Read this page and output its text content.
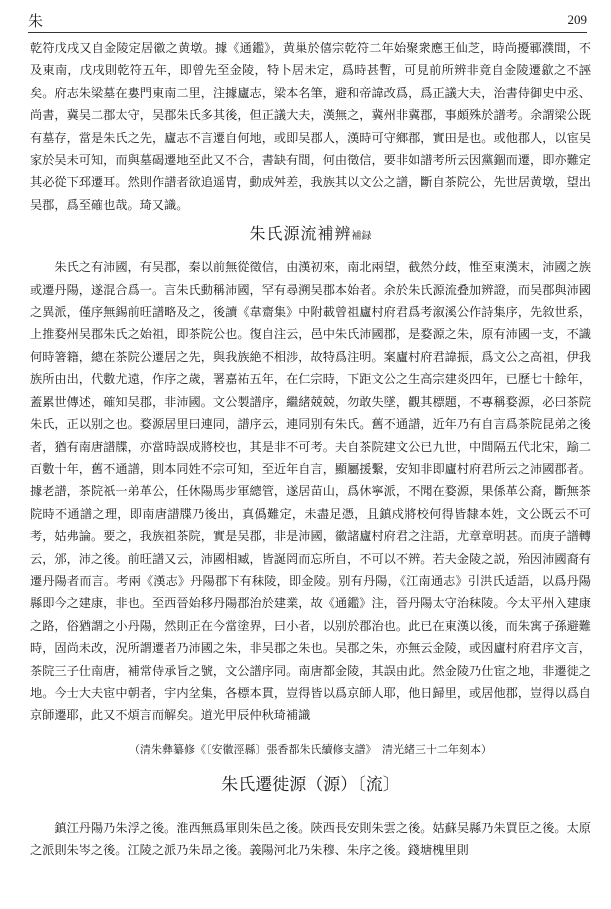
朱	209

乾符戊戌又自金陵定居徽之黄墩。據《通鑑》，黄巢於僖宗乾符二年始聚衆應王仙芝，時尚擾鄆濮間，不及東南，戊戌則乾符五年，即曾先至金陵，特卜居未定，爲時甚暫，可見前所辨非竟自金陵遷歙之不誣矣。府志朱梁墓在婁門東南二里，注據廬志，梁本名筆，避和帝諱改爲，爲正議大夫，治書侍御史中丞、尚書，冀吴二郡太守，吴郡朱氏多其後，但正議大夫，漢無之，冀州非冀郡，事頗殊於譜考。余謂梁公既有墓存，當是朱氏之先，廬志不言遷自何地，或即吴郡人，漢時可守鄉郡，實田是也。或他郡人，以宦吴家於吴未可知，而與墓碣遷地至此又不合，書缺有間，何由徵信，要非如譜考所云因黨錮而遷，即亦難定其必從下邳遷耳。然則作譜者欲追遥胄，動成舛差，我族其以文公之譜，斷自茶院公，先世居黄墩，望出吴郡，爲至確也哉。琦又識。

朱氏源流補辨補録

朱氏之有沛國，有吴郡，秦以前無從徵信，由漢初來，南北兩望，截然分歧，惟至東漢末，沛國之族或遷丹陽，遂混合爲一。言朱氏動稱沛國，罕有尋溯吴郡本始者。余於朱氏源流叠加辨證，而吴郡與沛國之異派，僅序無錫前旺譜略及之，後讀《韋齋集》中附載曾祖廬村府君爲考溆溪公作詩集序，先敘世系，上推婺州吴郡朱氏之始祖，即茶院公也。復自注云，邑中朱氏沛國郡，是婺源之朱，原有沛國一支，不識何時箸籍，總在茶院公遷居之先，與我族絶不相涉，故特爲注明。案廬村府君諱振，爲文公之高祖，伊我族所由出，代數尤遠，作序之歲，署嘉祐五年，在仁宗時，下距文公之生高宗建炎四年，已歷七十餘年，蓋累世傳述，確知吴郡，非沛國。文公製譜序，繼緒兢兢，勿敢失墜，觀其標題，不專稱婺源，必曰茶院朱氏，正以别之也。婺源居里曰連同，譜序云，連同别有朱氏。舊不通譜，近年乃有自言爲茶院昆弟之後者，猶有南唐譜牒，亦當時誤成將校也，其是非不可考。夫自茶院建文公已九世，中間隔五代北宋，踰二百數十年，舊不通譜，則本同姓不宗可知，至近年自言，顯屬援繫，安知非即廬村府君所云之沛國郡者。據老譜，茶院祇一弟革公，任休陽馬步軍總管，遂居苗山，爲休寧派，不聞在婺源，果係革公裔，斷無茶院時不通譜之理，即南唐譜牒乃後出，真僞難定，未盡足憑，且鎮戍將校何得皆隸本姓，文公既云不可考，姑弗論。要之，我族祖茶院，實是吴郡，非是沛國，徽諸廬村府君之注語，尤章章明甚。而庚子譜轉云，邠，沛之後。前旺譜又云，沛國相臧，皆誕罔而忘所自，不可以不辨。若夫金陵之説，殆因沛國裔有遷丹陽者而言。考兩《漢志》丹陽郡下有秣陵，即金陵。别有丹陽，《江南通志》引洪氏适語，以爲丹陽縣即今之建康，非也。至西晉始移丹陽郡治於建業，故《通鑑》注，晉丹陽太守治秣陵。今太平州入建康之路，俗猶謂之小丹陽，然則正在今當塗界，曰小者，以别於郡治也。此已在東漢以後，而朱寓子孫避難時，固尚未改，況所謂遷者乃沛國之朱，非吴郡之朱也。吴郡之朱，亦無云金陵，或因廬村府君序文言，茶院三子仕南唐，補常侍承旨之號，文公譜序同。南唐都金陵，其誤由此。然金陵乃仕宦之地，非遷徙之地。今士大夫宦中朝者，宇内坌集，各標本貫，豈得皆以爲京師人耶，他日歸里，或居他郡，豈得以爲自京師遷耶，此又不煩言而解矣。道光甲辰仲秋琦補識

（清朱彝纂修《〔安徽涇縣〕張香都朱氏續修支譜》　清光緒三十二年刻本）
朱氏遷徙源（源）〔流〕

鎮江丹陽乃朱浮之後。淮西無爲軍則朱邑之後。陝西長安則朱雲之後。姑蘇吴縣乃朱買臣之後。太原之派則朱岑之後。江陵之派乃朱昂之後。義陽河北乃朱穆、朱序之後。錢塘槐里則
